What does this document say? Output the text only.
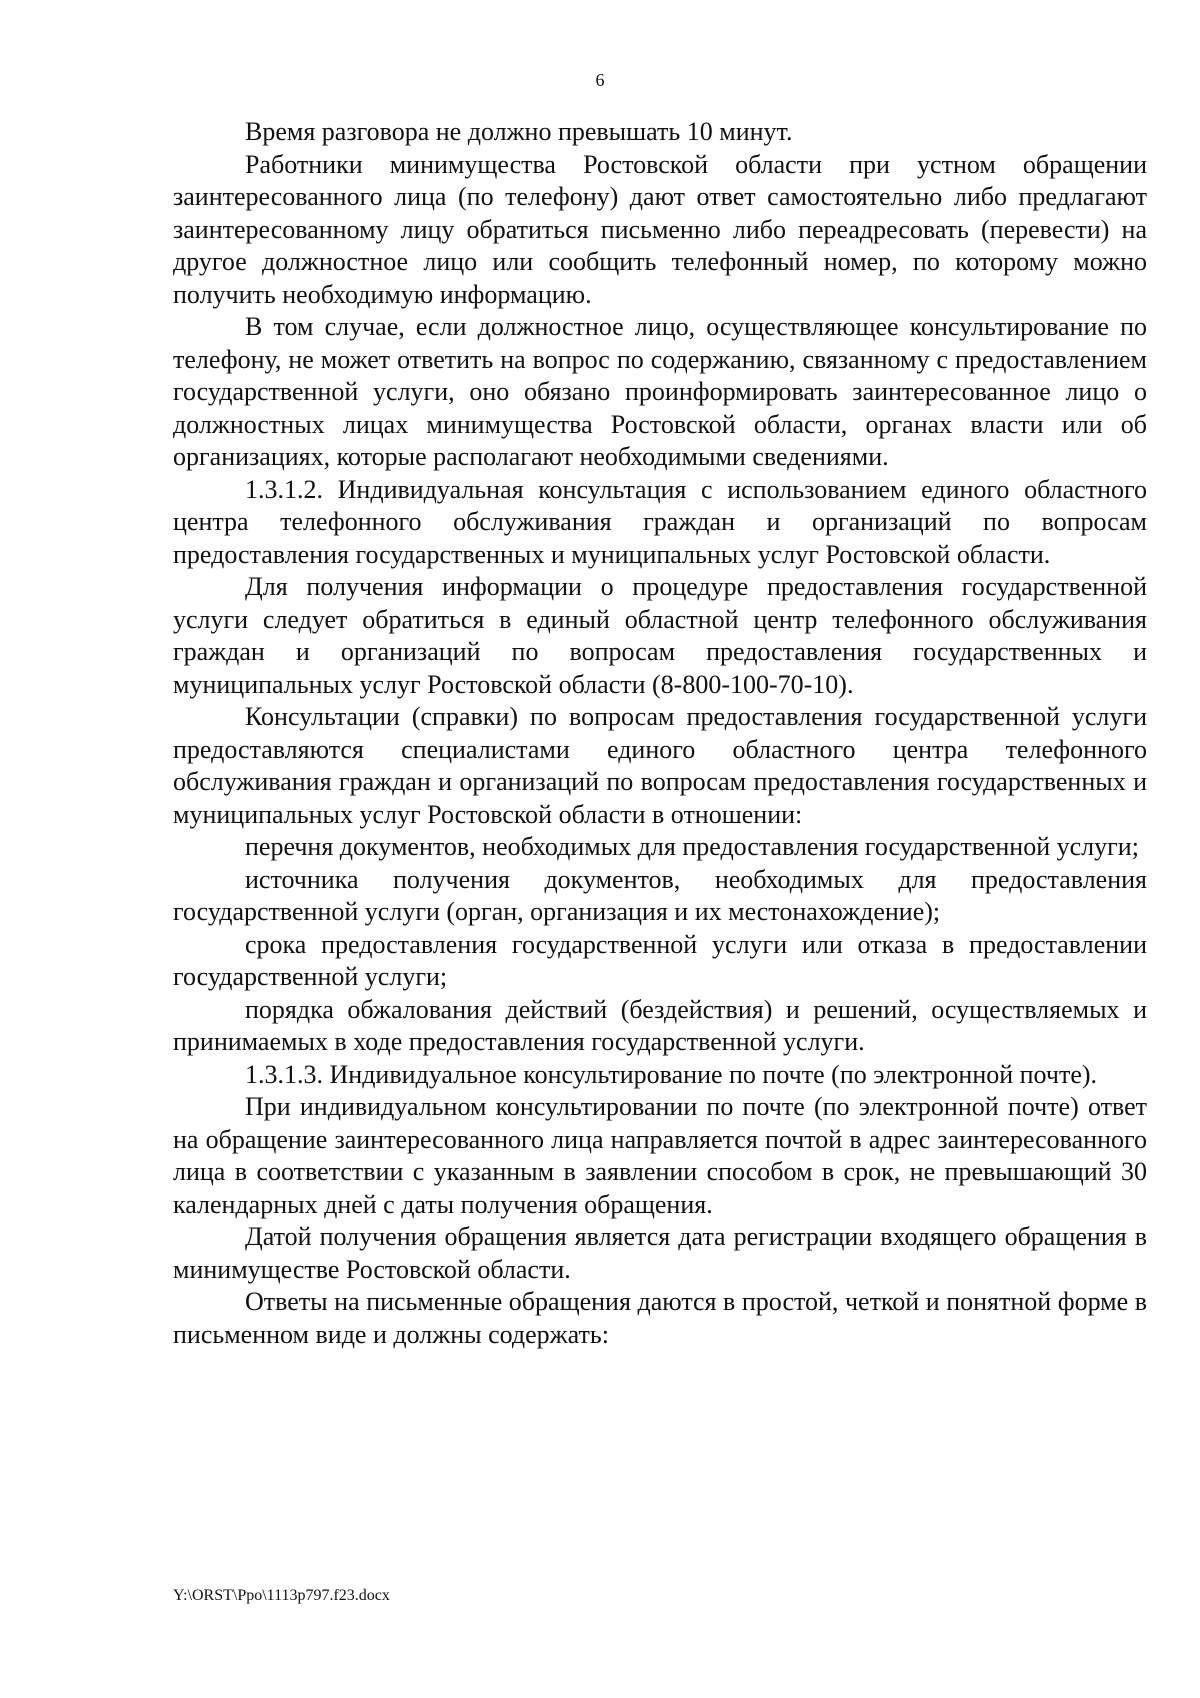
6

Время разговора не должно превышать 10 минут.

Работники минимущества Ростовской области при устном обращении заинтересованного лица (по телефону) дают ответ самостоятельно либо предлагают заинтересованному лицу обратиться письменно либо переадресовать (перевести) на другое должностное лицо или сообщить телефонный номер, по которому можно получить необходимую информацию.

В том случае, если должностное лицо, осуществляющее консультирование по телефону, не может ответить на вопрос по содержанию, связанному с предоставлением государственной услуги, оно обязано проинформировать заинтересованное лицо о должностных лицах минимущества Ростовской области, органах власти или об организациях, которые располагают необходимыми сведениями.

1.3.1.2. Индивидуальная консультация с использованием единого областного центра телефонного обслуживания граждан и организаций по вопросам предоставления государственных и муниципальных услуг Ростовской области.

Для получения информации о процедуре предоставления государственной услуги следует обратиться в единый областной центр телефонного обслуживания граждан и организаций по вопросам предоставления государственных и муниципальных услуг Ростовской области (8-800-100-70-10).

Консультации (справки) по вопросам предоставления государственной услуги предоставляются специалистами единого областного центра телефонного обслуживания граждан и организаций по вопросам предоставления государственных и муниципальных услуг Ростовской области в отношении:

перечня документов, необходимых для предоставления государственной услуги;

источника получения документов, необходимых для предоставления государственной услуги (орган, организация и их местонахождение);

срока предоставления государственной услуги или отказа в предоставлении государственной услуги;

порядка обжалования действий (бездействия) и решений, осуществляемых и принимаемых в ходе предоставления государственной услуги.

1.3.1.3. Индивидуальное консультирование по почте (по электронной почте).

При индивидуальном консультировании по почте (по электронной почте) ответ на обращение заинтересованного лица направляется почтой в адрес заинтересованного лица в соответствии с указанным в заявлении способом в срок, не превышающий 30 календарных дней с даты получения обращения.

Датой получения обращения является дата регистрации входящего обращения в минимуществе Ростовской области.

Ответы на письменные обращения даются в простой, четкой и понятной форме в письменном виде и должны содержать:

Y:\ORST\Ppo\1113p797.f23.docx
